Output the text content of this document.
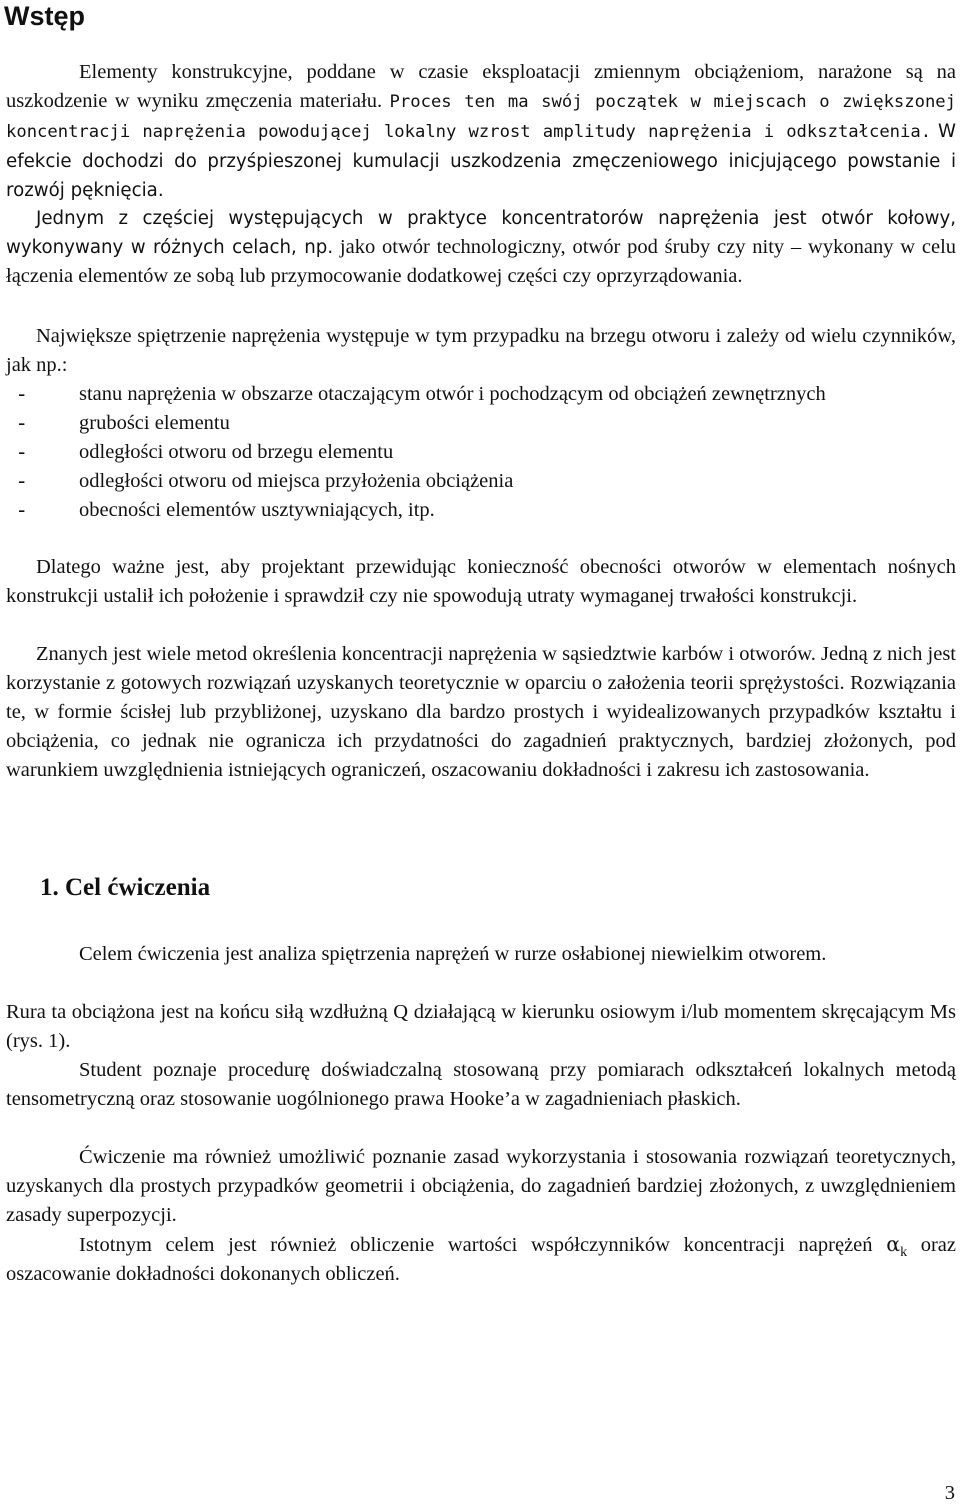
Wstęp

Elementy konstrukcyjne, poddane w czasie eksploatacji zmiennym obciążeniom, narażone są na uszkodzenie w wyniku zmęczenia materiału. Proces ten ma swój początek w miejscach o zwiększonej koncentracji naprężenia powodującej lokalny wzrost amplitudy naprężenia i odkształcenia. W efekcie dochodzi do przyśpieszonej kumulacji uszkodzenia zmęczeniowego inicjującego powstanie i rozwój pęknięcia.

Jednym z częściej występujących w praktyce koncentratorów naprężenia jest otwór kołowy, wykonywany w różnych celach, np. jako otwór technologiczny, otwór pod śruby czy nity – wykonany w celu łączenia elementów ze sobą lub przymocowanie dodatkowej części czy oprzyrządowania.

Największe spiętrzenie naprężenia występuje w tym przypadku na brzegu otworu i zależy od wielu czynników, jak np.:

-	stanu naprężenia w obszarze otaczającym otwór i pochodzącym od obciążeń zewnętrznych
-	grubości elementu
-	odległości otworu od brzegu elementu
-	odległości otworu od miejsca przyłożenia obciążenia
-	obecności elementów usztywniających, itp.

Dlatego ważne jest, aby projektant przewidując konieczność obecności otworów w elementach nośnych konstrukcji ustalił ich położenie i sprawdził czy nie spowodują utraty wymaganej trwałości konstrukcji.

Znanych jest wiele metod określenia koncentracji naprężenia w sąsiedztwie karbów i otworów. Jedną z nich jest korzystanie z gotowych rozwiązań uzyskanych teoretycznie w oparciu o założenia teorii sprężystości. Rozwiązania te, w formie ścisłej lub przybliżonej, uzyskano dla bardzo prostych i wyidealizowanych przypadków kształtu i obciążenia, co jednak nie ogranicza ich przydatności do zagadnień praktycznych, bardziej złożonych, pod warunkiem uwzględnienia istniejących ograniczeń, oszacowaniu dokładności i zakresu ich zastosowania.

1. Cel ćwiczenia

Celem ćwiczenia jest analiza spiętrzenia naprężeń w rurze osłabionej niewielkim otworem.

Rura ta obciążona jest na końcu siłą wzdłużną Q działającą w kierunku osiowym i/lub momentem skręcającym Ms (rys. 1).

Student poznaje procedurę doświadczalną stosowaną przy pomiarach odkształceń lokalnych metodą tensometryczną oraz stosowanie uogólnionego prawa Hooke’a w zagadnieniach płaskich.

Ćwiczenie ma również umożliwić poznanie zasad wykorzystania i stosowania rozwiązań teoretycznych, uzyskanych dla prostych przypadków geometrii i obciążenia, do zagadnień bardziej złożonych, z uwzględnieniem zasady superpozycji.

Istotnym celem jest również obliczenie wartości współczynników koncentracji naprężeń $\alpha_k$ oraz oszacowanie dokładności dokonanych obliczeń.

3
